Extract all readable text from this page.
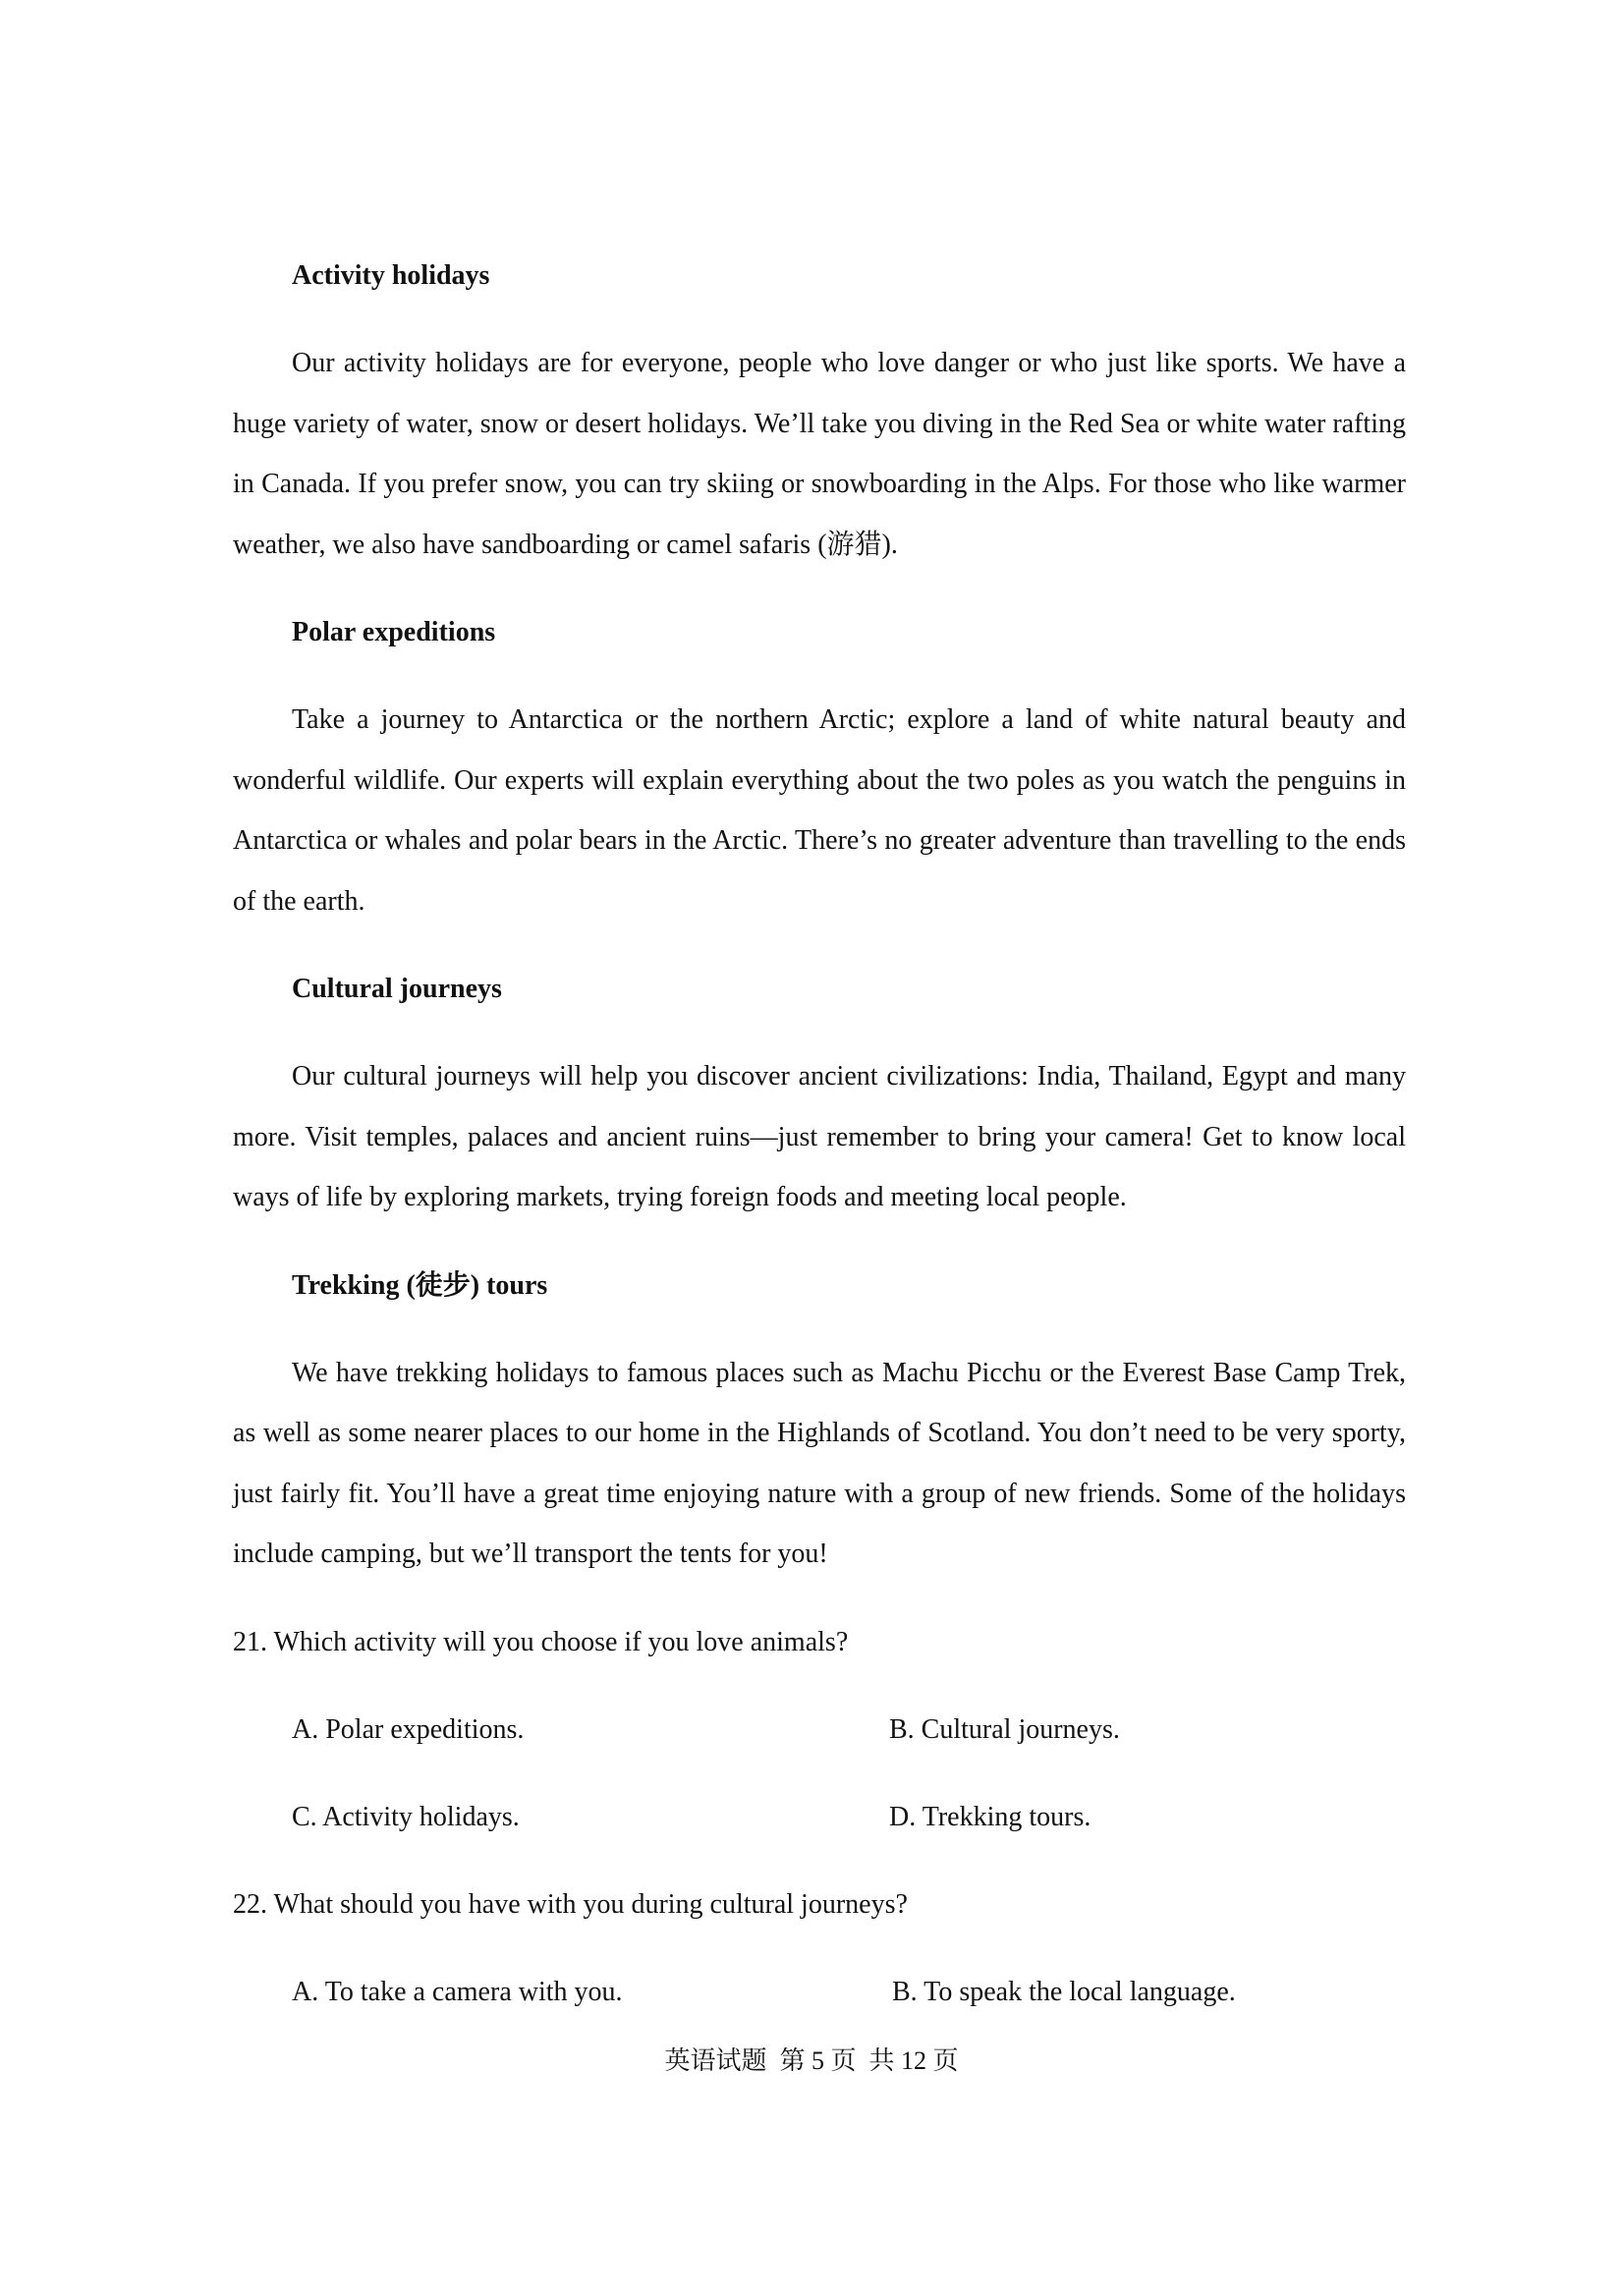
Activity holidays

Our activity holidays are for everyone, people who love danger or who just like sports. We have a huge variety of water, snow or desert holidays. We’ll take you diving in the Red Sea or white water rafting in Canada. If you prefer snow, you can try skiing or snowboarding in the Alps. For those who like warmer weather, we also have sandboarding or camel safaris (游猎).

Polar expeditions

Take a journey to Antarctica or the northern Arctic; explore a land of white natural beauty and wonderful wildlife. Our experts will explain everything about the two poles as you watch the penguins in Antarctica or whales and polar bears in the Arctic. There’s no greater adventure than travelling to the ends of the earth.

Cultural journeys

Our cultural journeys will help you discover ancient civilizations: India, Thailand, Egypt and many more. Visit temples, palaces and ancient ruins—just remember to bring your camera! Get to know local ways of life by exploring markets, trying foreign foods and meeting local people.

Trekking (徒步) tours

We have trekking holidays to famous places such as Machu Picchu or the Everest Base Camp Trek, as well as some nearer places to our home in the Highlands of Scotland. You don’t need to be very sporty, just fairly fit. You’ll have a great time enjoying nature with a group of new friends. Some of the holidays include camping, but we’ll transport the tents for you!

21. Which activity will you choose if you love animals?

A. Polar expeditions.	B. Cultural journeys.
C. Activity holidays.	D. Trekking tours.

22. What should you have with you during cultural journeys?

A. To take a camera with you.	B. To speak the local language.
英语试题  第 5 页  共 12 页
